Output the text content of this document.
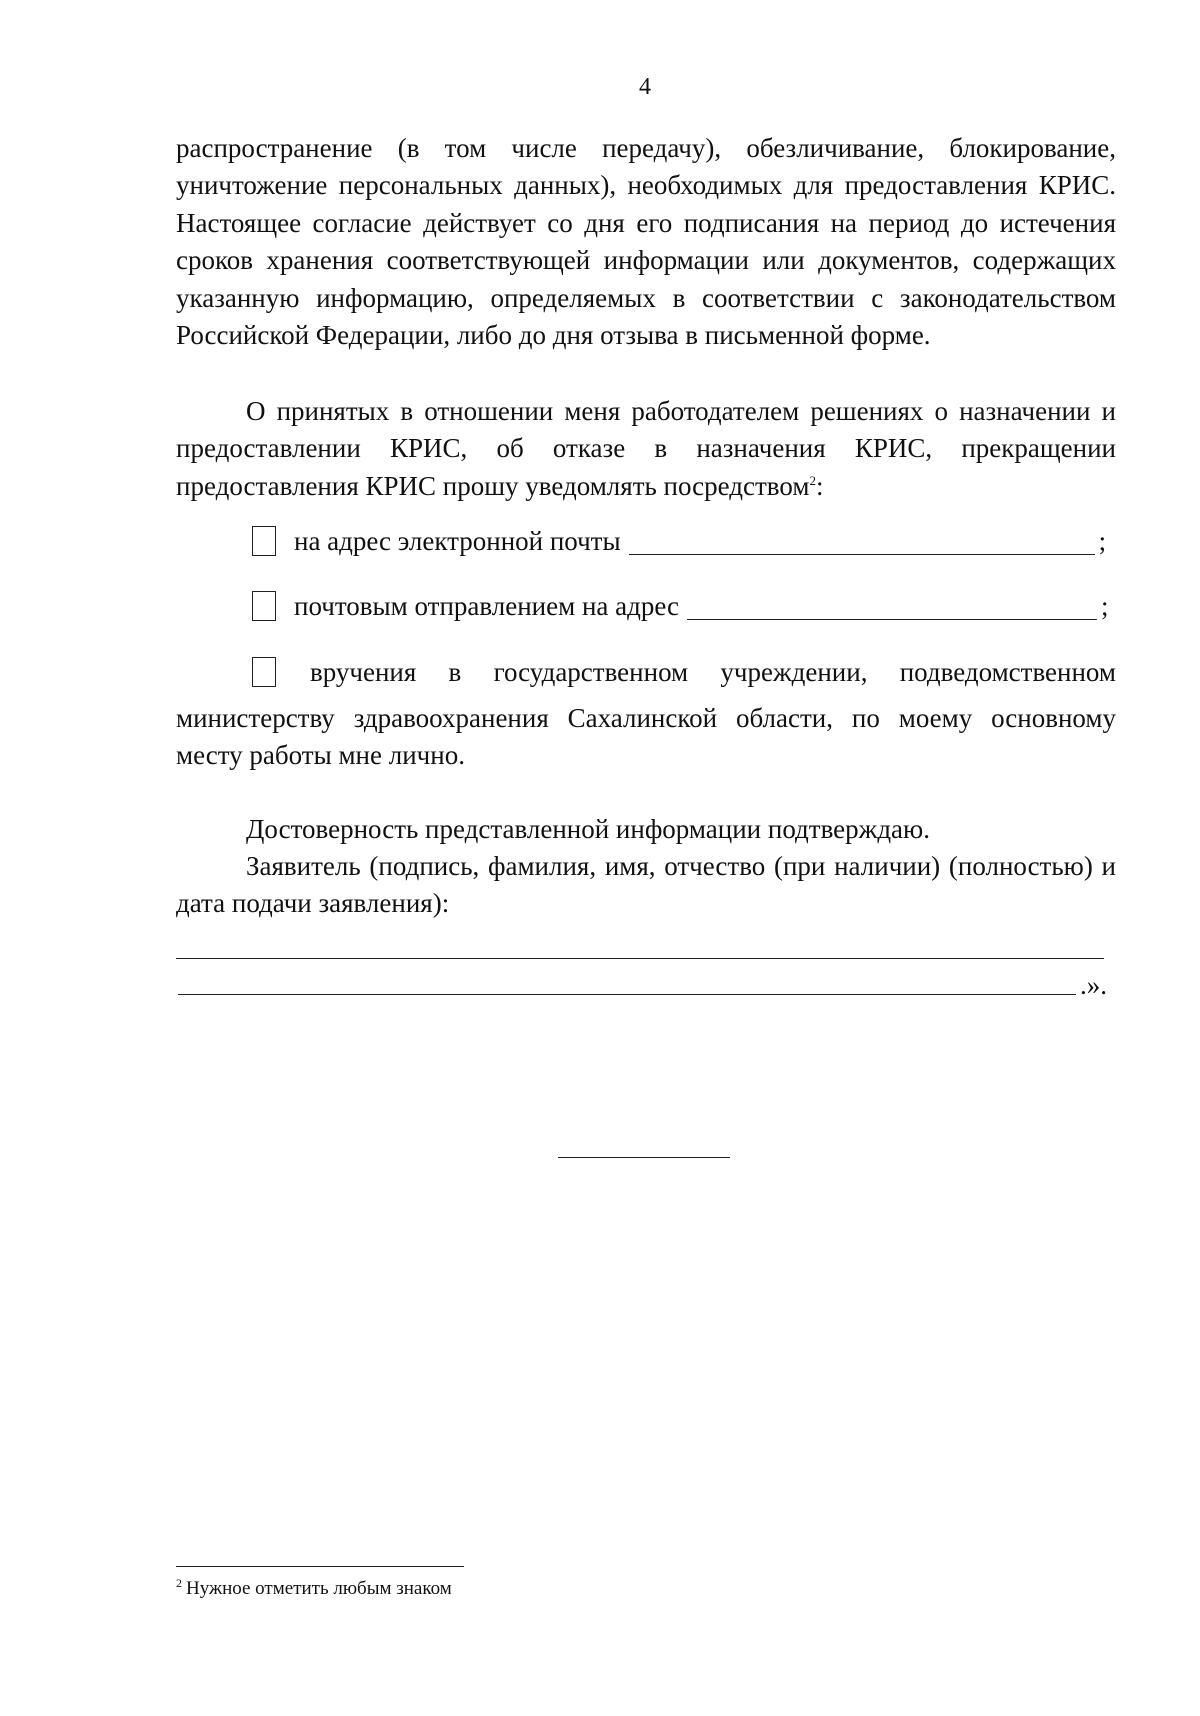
4
распространение (в том числе передачу), обезличивание, блокирование, уничтожение персональных данных), необходимых для предоставления КРИС. Настоящее согласие действует со дня его подписания на период до истечения сроков хранения соответствующей информации или документов, содержащих указанную информацию, определяемых в соответствии с законодательством Российской Федерации, либо до дня отзыва в письменной форме.
О принятых в отношении меня работодателем решениях о назначении и предоставлении КРИС, об отказе в назначения КРИС, прекращении предоставления КРИС прошу уведомлять посредством$^2$:
на адрес электронной почты	;
почтовым отправлением на адрес	;
вручения в государственном учреждении, подведомственном
министерству здравоохранения Сахалинской области, по моему основному месту работы мне лично.
Достоверность представленной информации подтверждаю.
Заявитель (подпись, фамилия, имя, отчество (при наличии) (полностью) и дата подачи заявления):
.».
$^2$ Нужное отметить любым знаком
